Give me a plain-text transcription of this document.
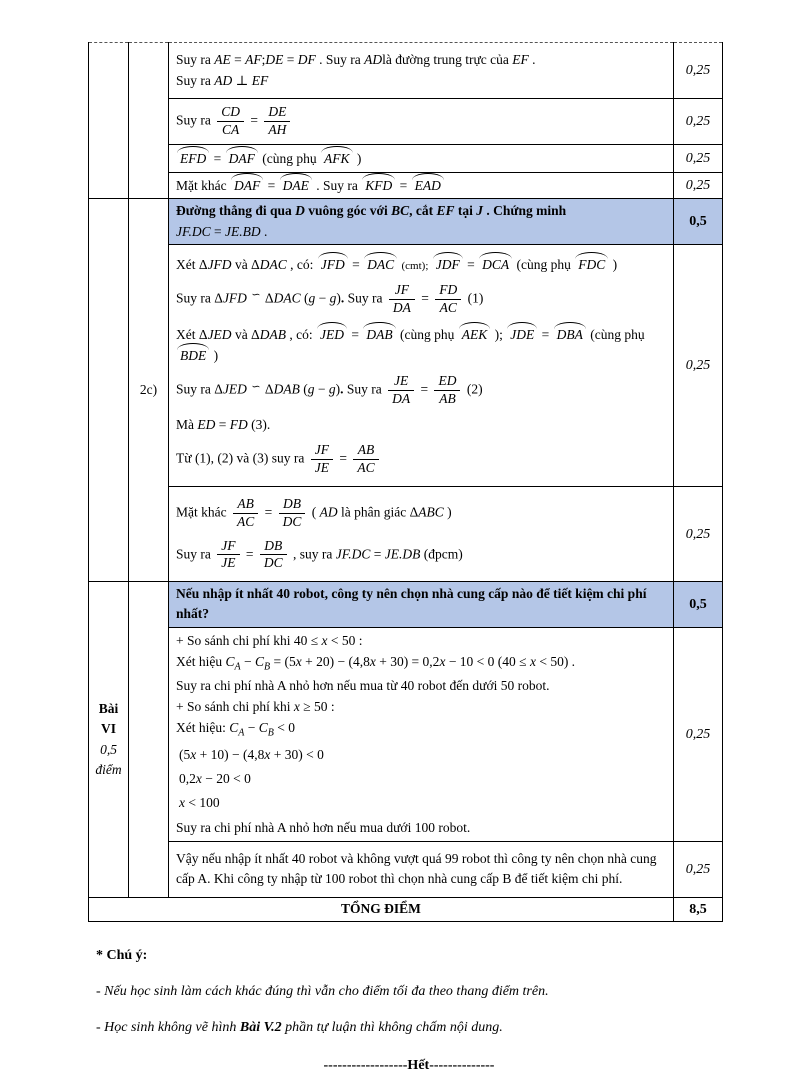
		Suy ra AE = AF;DE = DF . Suy ra ADlà đường trung trực của EF .
Suy ra AD ⊥ EF	0,25
Suy ra $\frac{CD}{CA} = \frac{DE}{AH}$	0,25
		EFD = DAF (cùng phụ AFK )	0,25
		Mặt khác DAF = DAE . Suy ra KFD = EAD	0,25
	2c)	Đường thẳng đi qua D vuông góc với BC, cắt EF tại J . Chứng minh
JF.DC = JE.BD .	0,5

Xét ΔJFD và ΔDAC , có: JFD = DAC (cmt); JDF = DCA (cùng phụ FDC )
Suy ra ΔJFD ∽ ΔDAC (g − g). Suy ra $\frac{JF}{DA} = \frac{FD}{AC} (1)$
Xét ΔJED và ΔDAB , có: JED = DAB (cùng phụ AEK ); JDE = DBA (cùng phụ BDE )
Suy ra ΔJED ∽ ΔDAB (g − g). Suy ra $\frac{JE}{DA} = \frac{ED}{AB} (2)$
Mà ED = FD (3).
Từ (1), (2) và (3) suy ra $\frac{JF}{JE} = \frac{AB}{AC}$
	0,25

Mặt khác $\frac{AB}{AC} = \frac{DB}{DC}$ ( AD là phân giác ΔABC )
Suy ra $\frac{JF}{JE} = \frac{DB}{DC}$ , suy ra JF.DC = JE.DB (đpcm)
	0,25
Bài
VI
0,5
điểm		Nếu nhập ít nhất 40 robot, công ty nên chọn nhà cung cấp nào để tiết kiệm chi phí nhất?	0,5

+ So sánh chi phí khi 40 ≤ x < 50 :
Xét hiệu $C_A - C_B = (5x + 20) - (4,8x + 30) = 0,2x - 10 < 0$ (40 ≤ x < 50) .
Suy ra chi phí nhà A nhỏ hơn nếu mua từ 40 robot đến dưới 50 robot.
+ So sánh chi phí khi x ≥ 50 :
Xét hiệu: $C_A - C_B < 0$
(5x + 10) − (4,8x + 30) < 0
0,2x − 20 < 0
x < 100
Suy ra chi phí nhà A nhỏ hơn nếu mua dưới 100 robot.
	0,25
		Vậy nếu nhập ít nhất 40 robot và không vượt quá 99 robot thì công ty nên chọn nhà cung cấp A. Khi công ty nhập từ 100 robot thì chọn nhà cung cấp B để tiết kiệm chi phí.	0,25
TỔNG ĐIỂM			8,5
* Chú ý:
- Nếu học sinh làm cách khác đúng thì vẫn cho điểm tối đa theo thang điểm trên.
- Học sinh không vẽ hình Bài V.2 phần tự luận thì không chấm nội dung.
------------------Hết--------------
